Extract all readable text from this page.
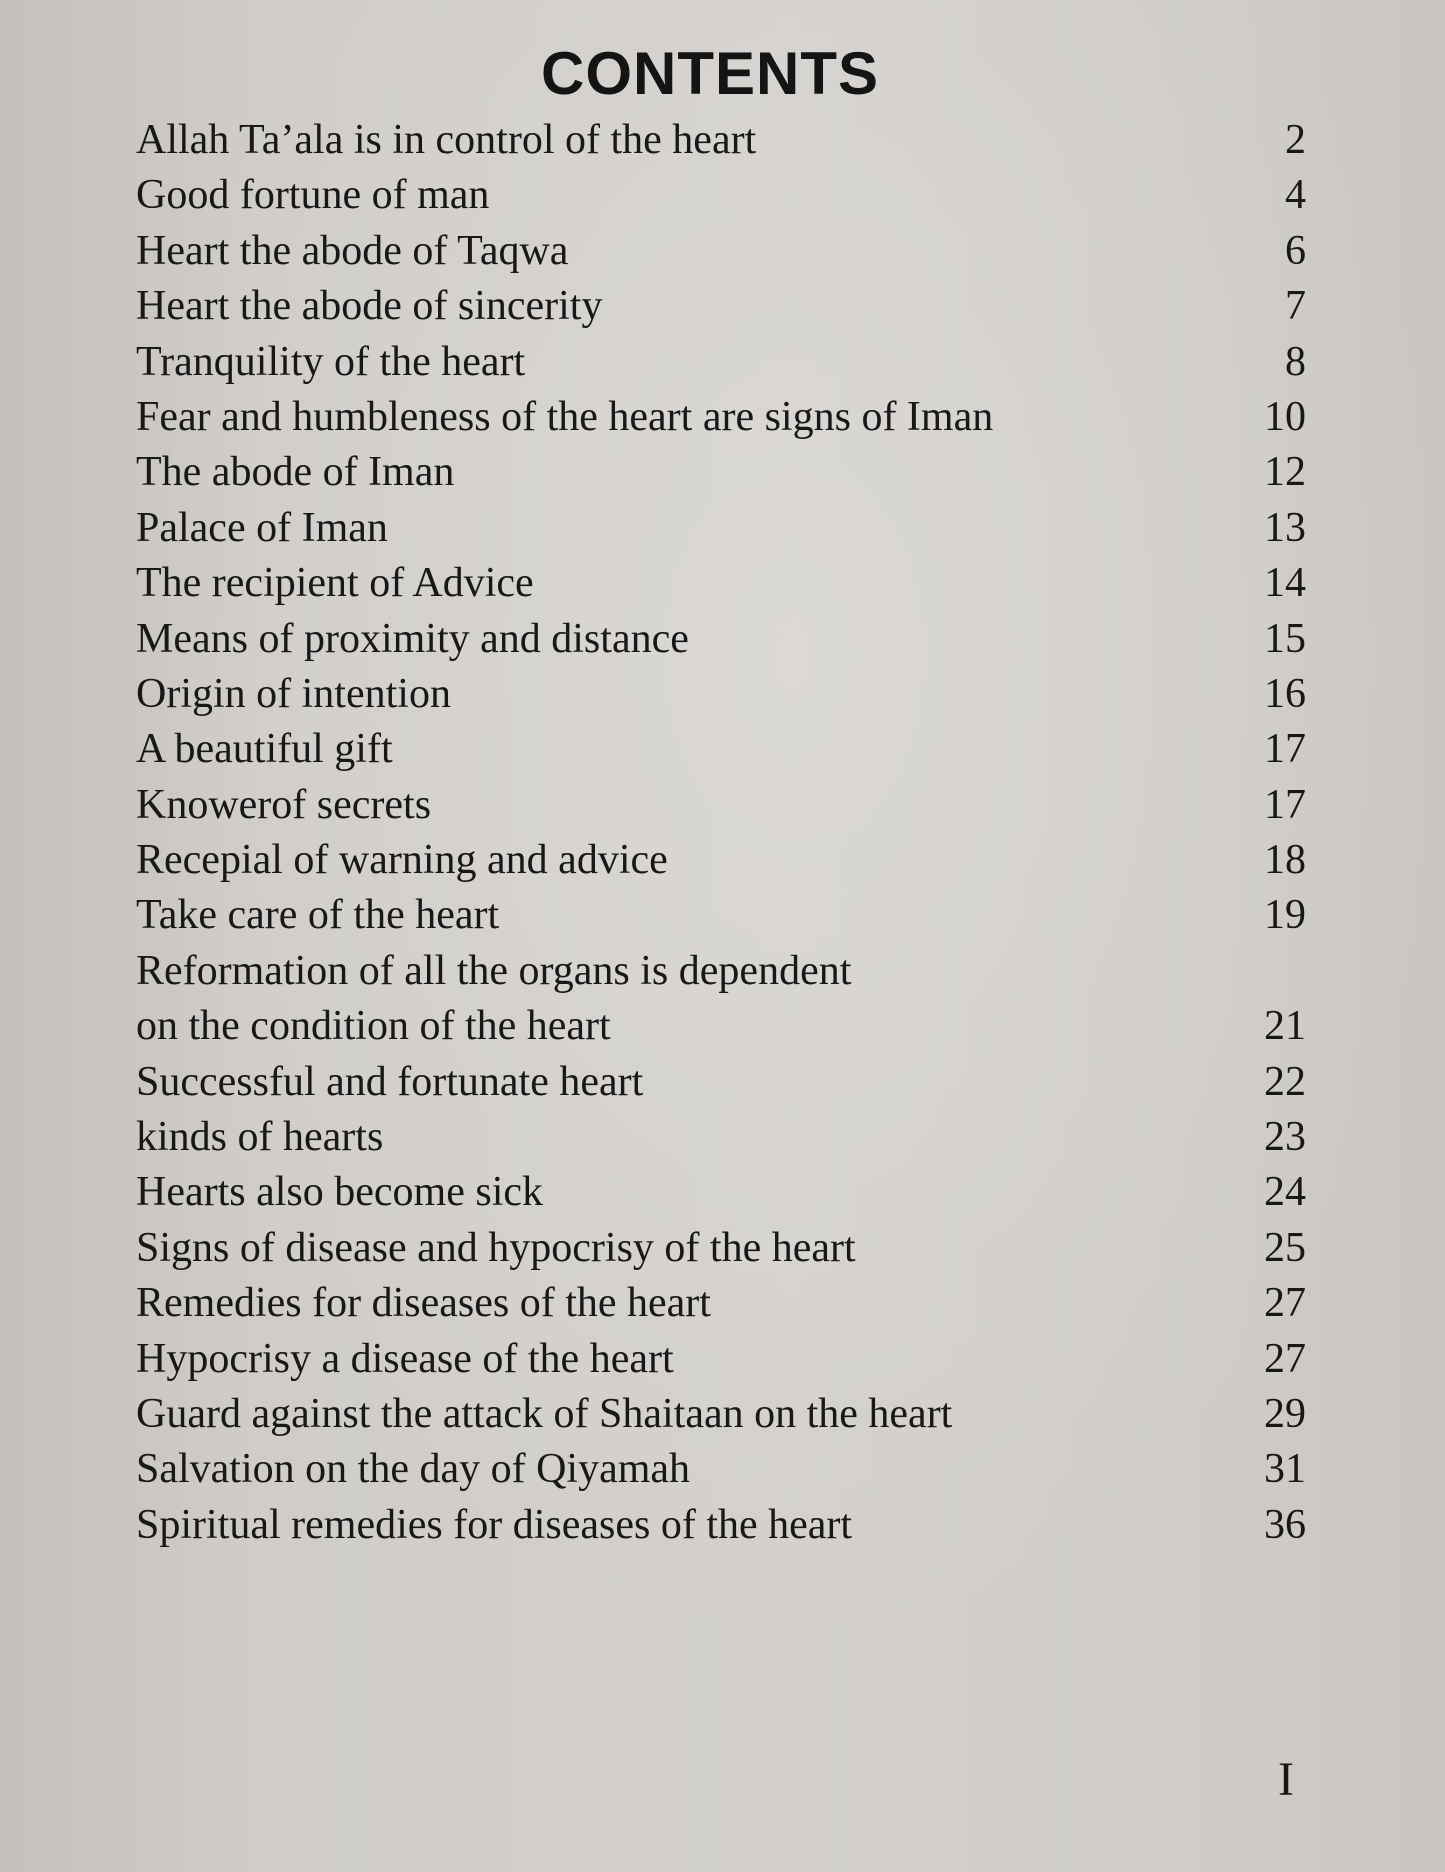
CONTENTS
Allah Ta’ala is in control of the heart	2
Good fortune of man	4
Heart the abode of Taqwa	6
Heart the abode of sincerity	7
Tranquility of the heart	8
Fear and humbleness of the heart are signs of Iman	10
The abode of Iman	12
Palace of Iman	13
The recipient of Advice	14
Means of proximity and distance	15
Origin of intention	16
A beautiful gift	17
Knowerof secrets	17
Recepial of warning and advice	18
Take care of the heart	19
Reformation of all the organs is dependent
on the condition of the heart	21
Successful and fortunate heart	22
kinds of hearts	23
Hearts also become sick	24
Signs of disease and hypocrisy of the heart	25
Remedies for diseases of the heart	27
Hypocrisy a disease of the heart	27
Guard against the attack of Shaitaan on the heart	29
Salvation on the day of Qiyamah	31
Spiritual remedies for diseases of the heart	36
I
